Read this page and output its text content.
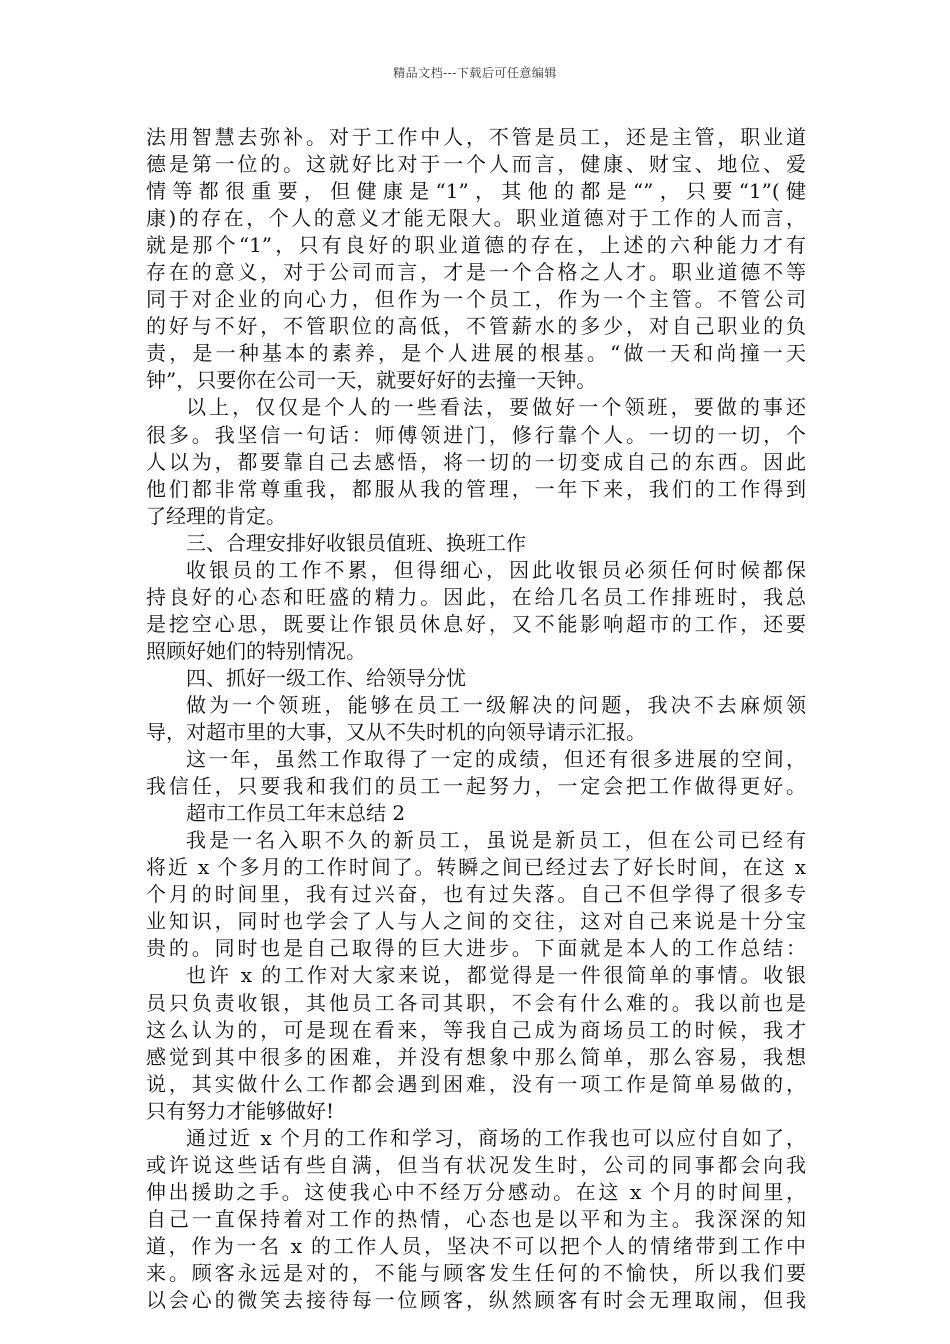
精品文档---下载后可任意编辑
法用智慧去弥补。对于工作中人，不管是员工，还是主管，职业道
德是第一位的。这就好比对于一个人而言，健康、财宝、地位、爱
情等都很重要，但健康是“1”，其他的都是“”，只要“1”(健
康)的存在，个人的意义才能无限大。职业道德对于工作的人而言，
就是那个“1”，只有良好的职业道德的存在，上述的六种能力才有
存在的意义，对于公司而言，才是一个合格之人才。职业道德不等
同于对企业的向心力，但作为一个员工，作为一个主管。不管公司
的好与不好，不管职位的高低，不管薪水的多少，对自己职业的负
责，是一种基本的素养，是个人进展的根基。“做一天和尚撞一天
钟”，只要你在公司一天，就要好好的去撞一天钟。
以上，仅仅是个人的一些看法，要做好一个领班，要做的事还
很多。我坚信一句话：师傅领进门，修行靠个人。一切的一切，个
人以为，都要靠自己去感悟，将一切的一切变成自己的东西。因此
他们都非常尊重我，都服从我的管理，一年下来，我们的工作得到
了经理的肯定。
三、合理安排好收银员值班、换班工作
收银员的工作不累，但得细心，因此收银员必须任何时候都保
持良好的心态和旺盛的精力。因此，在给几名员工作排班时，我总
是挖空心思，既要让作银员休息好，又不能影响超市的工作，还要
照顾好她们的特别情况。
四、抓好一级工作、给领导分忧
做为一个领班，能够在员工一级解决的问题，我决不去麻烦领
导，对超市里的大事，又从不失时机的向领导请示汇报。
这一年，虽然工作取得了一定的成绩，但还有很多进展的空间，
我信任，只要我和我们的员工一起努力，一定会把工作做得更好。
超市工作员工年末总结 2
我是一名入职不久的新员工，虽说是新员工，但在公司已经有
将近 x 个多月的工作时间了。转瞬之间已经过去了好长时间，在这 x
个月的时间里，我有过兴奋，也有过失落。自己不但学得了很多专
业知识，同时也学会了人与人之间的交往，这对自己来说是十分宝
贵的。同时也是自己取得的巨大进步。下面就是本人的工作总结：
也许 x 的工作对大家来说，都觉得是一件很简单的事情。收银
员只负责收银，其他员工各司其职，不会有什么难的。我以前也是
这么认为的，可是现在看来，等我自己成为商场员工的时候，我才
感觉到其中很多的困难，并没有想象中那么简单，那么容易，我想
说，其实做什么工作都会遇到困难，没有一项工作是简单易做的，
只有努力才能够做好!
通过近 x 个月的工作和学习，商场的工作我也可以应付自如了，
或许说这些话有些自满，但当有状况发生时，公司的同事都会向我
伸出援助之手。这使我心中不经万分感动。在这 x 个月的时间里，
自己一直保持着对工作的热情，心态也是以平和为主。我深深的知
道，作为一名 x 的工作人员，坚决不可以把个人的情绪带到工作中
来。顾客永远是对的，不能与顾客发生任何的不愉快，所以我们要
以会心的微笑去接待每一位顾客，纵然顾客有时会无理取闹，但我
